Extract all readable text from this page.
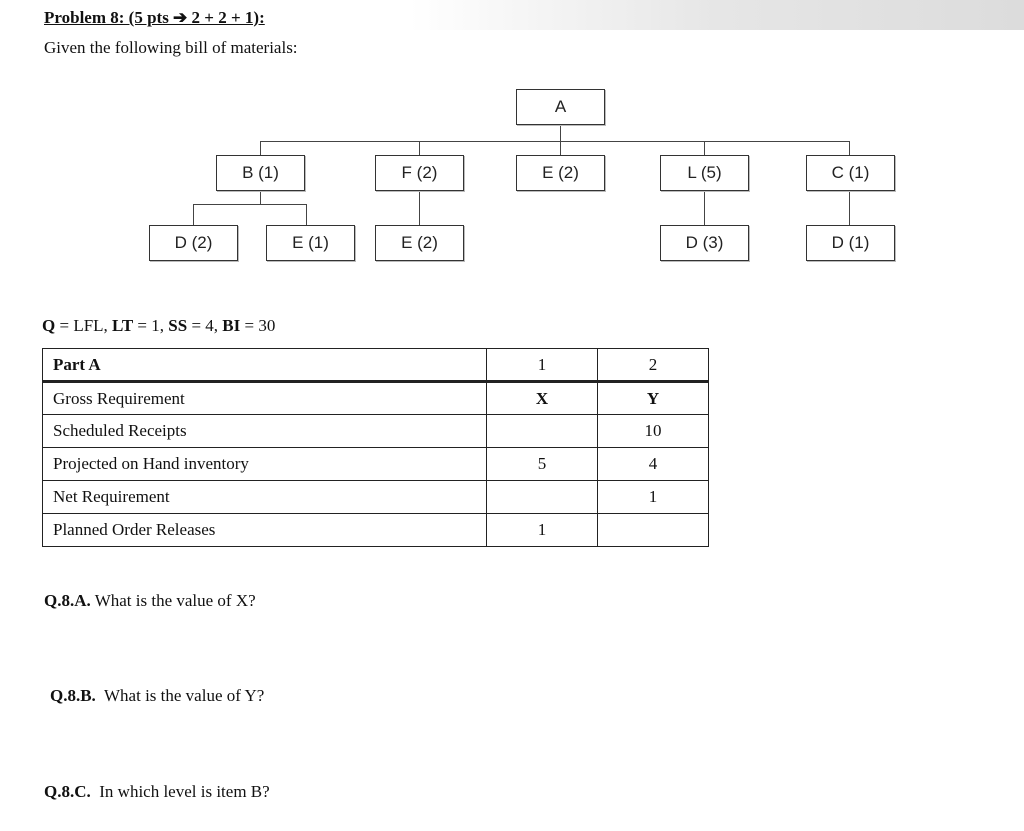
Problem 8: (5 pts ➔ 2 + 2 + 1):
Given the following bill of materials:
A
B (1)	F (2)	E (2)	L (5)	C (1)
D (2)	E (1)	E (2)	D (3)	D (1)
Q = LFL, LT = 1, SS = 4, BI = 30
Part A	1	2
Gross Requirement	X	Y
Scheduled Receipts		10
Projected on Hand inventory	5	4
Net Requirement		1
Planned Order Releases	1	
Q.8.A. What is the value of X?
Q.8.B.  What is the value of Y?
Q.8.C.  In which level is item B?
